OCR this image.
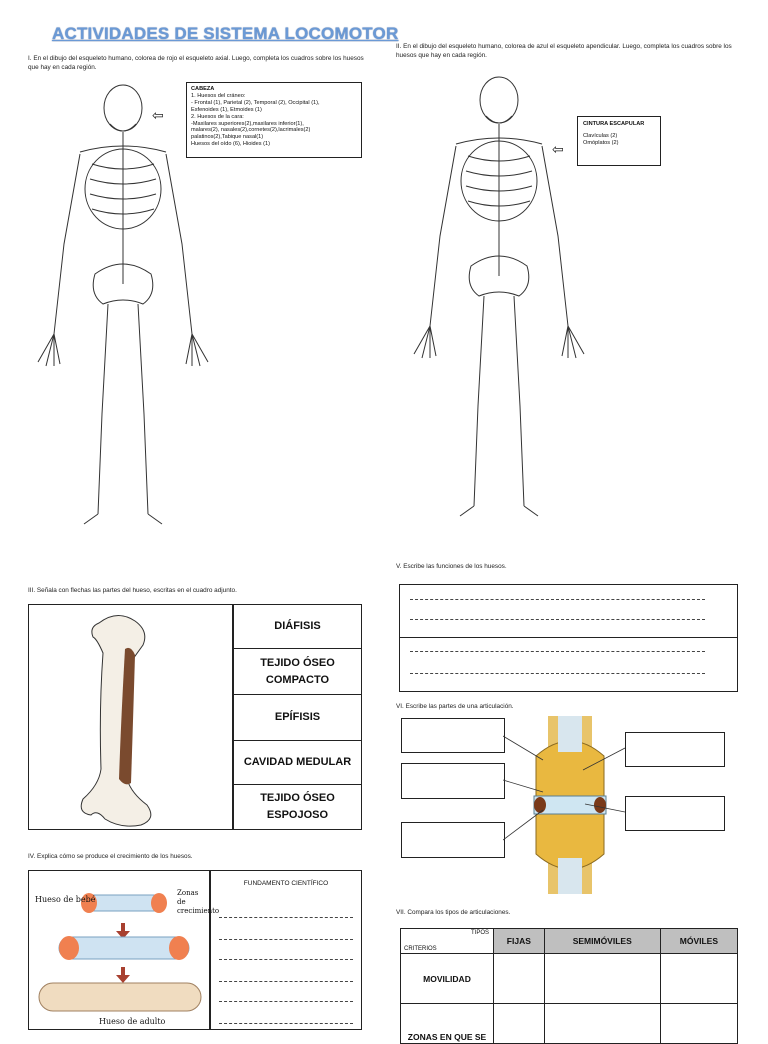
ACTIVIDADES DE SISTEMA LOCOMOTOR
I. En el dibujo del esqueleto humano, colorea de rojo el esqueleto axial. Luego, completa los cuadros sobre los huesos que hay en cada región.
⇦
CABEZA
1. Huesos del cráneo:
- Frontal (1), Parietal (2), Temporal (2), Occipital (1),
Esfenoides (1), Etmoides (1)
2. Huesos de la cara:
-Maxilares superiores(2),maxilares inferior(1),
malares(2), nasales(2),cornetes(2),lacrimales(2)
palatinos(2),Tabique nasal(1)
Huesos del oído (6), Hioides (1)
II. En el dibujo del esqueleto humano, colorea de azul el esqueleto apendicular. Luego, completa los cuadros sobre los huesos que hay en cada región.
⇦
CINTURA ESCAPULAR
Clavículas (2)
Omóplatos (2)
III. Señala con flechas las partes del hueso, escritas en el cuadro adjunto.
DIÁFISIS
TEJIDO ÓSEO COMPACTO
EPÍFISIS
CAVIDAD MEDULAR
TEJIDO ÓSEO ESPOJOSO
V. Escribe las funciones de los huesos.
VI. Escribe las partes de una articulación.
IV. Explica cómo se produce el crecimiento de los huesos.
Hueso de bebé
Zonas de crecimiento
Hueso de adulto
FUNDAMENTO CIENTÍFICO
VII. Compara los tipos de articulaciones.
TIPOS
CRITERIOS	FIJAS	SEMIMÓVILES	MÓVILES
MOVILIDAD			
ZONAS EN QUE SE			
